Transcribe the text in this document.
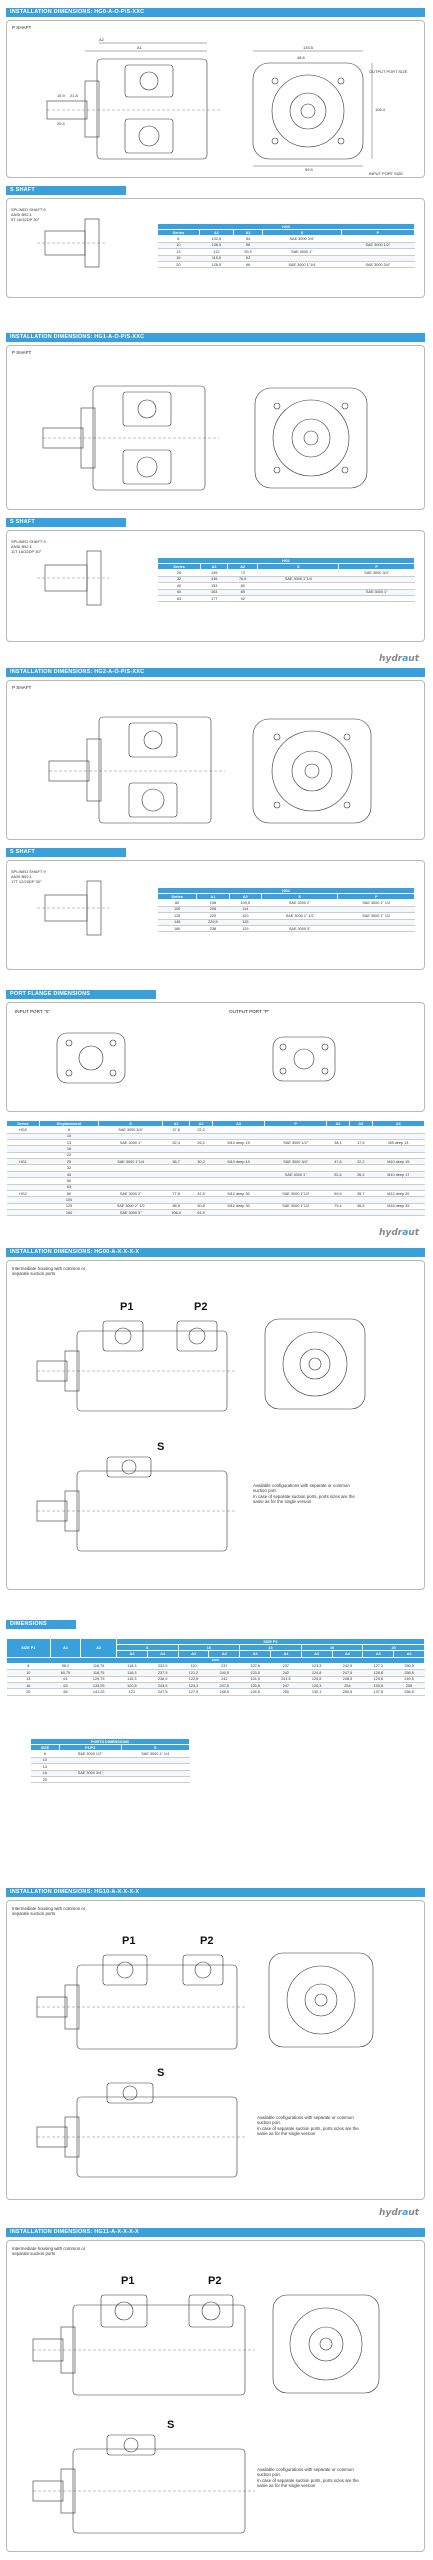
INSTALLATION DIMENSIONS: HG0-A-O-P/S-XXC
P SHAFT
A2
A1	133.5
99.5
48.6
106.4
25.4
OUTPUT PORT SIZE
INPUT PORT SIZE
15.9 21.8
S SHAFT
SPLINED SHAFT 9
ANSI B92.1
9T 16/32DP 30°
HG0				
Series	A1	A2	S	P
6	102,5	54	SAE 3000 3/4"	
10	106,5	56		SAE 3000 1/2"
13	112	59,3	SAE 3000 1"	
16	115,5	62		
20	126,5	66	SAE 3000 1"1/4	SAE 3000 3/4"
INSTALLATION DIMENSIONS: HG1-A-O-P/S-XXC
P SHAFT
S SHAFT
SPLINED SHAFT 9
ANSI B92.1
11T 16/32DP 30°
HG1				
Series	A1	A2	S	P
25	139	73		SAE 3000 3/4"
32	146	76,5	SAE 3000 1"1/4	
40	153	80		
50	163	85		SAE 3000 1"
63	177	92		
hydraut
INSTALLATION DIMENSIONS: HG2-A-O-P/S-XXC
P SHAFT
S SHAFT
SPLINED SHAFT 9
ANSI B92.1
17T 12/24DP 30°
HG2				
Series	A1	A2	S	P
80	198	109,5	SAE 3000 2"	SAE 3000 1" 1/2
100	208	114		
125	220	120	SAE 3000 1" 1/2	SAE 3000 1" 1/2
145	229,5	125		
160	238	129	SAE 3000 3"	
PORT FLANGE DIMENSIONS
INPUT PORT "S"	OUTPUT PORT "P"
Series	Displacement	S	A1	A2	A3	P	A4	A5	A6
HG0	6	SAE 3000 3/4"	47,6	22,2					
	10								
	13	SAE 3000 1"	52,4	26,2	M10 deep 15	SAE 3000 1/2"	38,1	17,5	M8 deep 13
	16								
	20								
HG1	25	SAE 3000 1"1/4	58,7	30,2	M10 deep 19	SAE 3000 3/4"	47,6	22,2	M10 deep 15
	32								
	40					SAE 3000 1"	52,4	26,2	M10 deep 17
	50								
	63								
HG2	80	SAE 3000 2"	77,8	42,9	M12 deep 30	SAE 3000 1"1/2	69,9	35,7	M12 deep 20
	100								
	125	SAE 3000 2" 1/2	88,9	50,8	M12 deep 30	SAE 3000 1"1/2	79,4	36,5	M16 deep 25
	160	SAE 3000 3"	106,4	61,9					
hydraut
INSTALLATION DIMENSIONS: HG00-A-X-X-X-X
Intermediate housing with common or
separate suction ports
P1	P2
S
Available configurations with separate or common
suction port.
In case of separate suction ports, ports sizes are the
same as for the single version
DIMENSIONS
SIZE P1	A1	A2	SIZE P2									
			6		10		13		16		20	
			A3	A4	A3	A4	A3	A4	A3	A4	A3	A4
mm												
6	58,2	116,75	118,3	232,5	120	237	122,8	237	123,3	242,5	127,3	250,5
10	60,75	118,75	116,3	237,5	121,2	240,5	123,5	242	124,8	247,5	128,8	256,5
13	61	129,75	115,3	238,5	122,5	242	124,5	241,5	125,8	248,5	129,8	249,5
16	63	133,25	120,5	243,5	123,3	247,5	125,5	247	126,3	254	130,5	255
20	66	141,25	121	247,5	127,5	246,5	126,5	250	130,1	260,5	137,5	266,5
PORTS DIMENSIONS		
SIZE	P1/P2	S
6	SAE 3000 1/2"	SAE 3000 1" 1/4
10		
13		
16	SAE 3000 3/4"	
20		
INSTALLATION DIMENSIONS: HG10-A-X-X-X-X
Intermediate housing with common or
separate suction ports
P1	P2
S
Available configurations with separate or common
suction port.
In case of separate suction ports, ports sizes are the
same as for the single version
hydraut
INSTALLATION DIMENSIONS: HG11-A-X-X-X-X
Intermediate housing with common or
separate suction ports
P1	P2
S
Available configurations with separate or common
suction port.
In case of separate suction ports, ports sizes are the
same as for the single version
